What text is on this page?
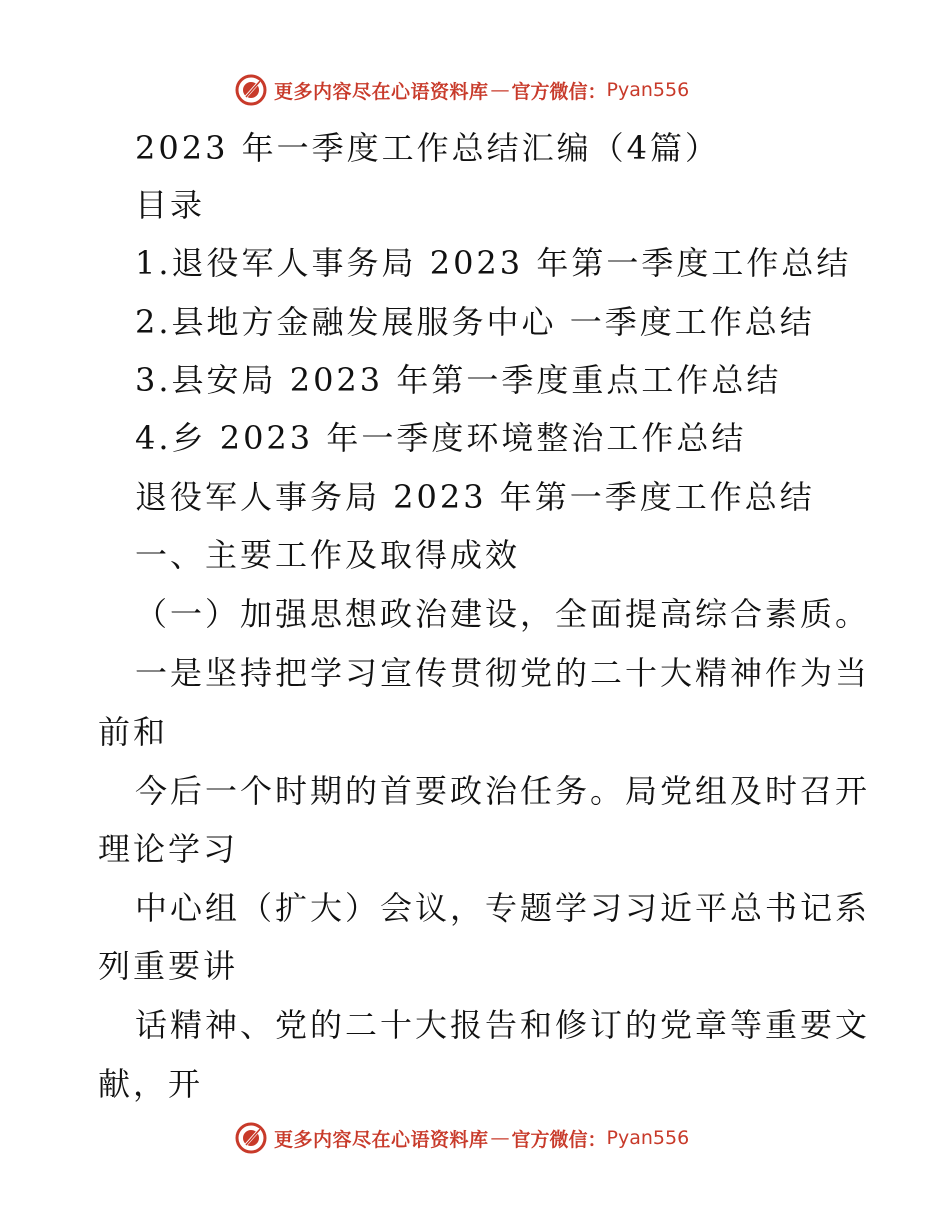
更多内容尽在心语资料库 — 官方微信： Pyan556
2023 年一季度工作总结汇编（4篇）
目录
1.退役军人事务局 2023 年第一季度工作总结
2.县地方金融发展服务中心 一季度工作总结
3.县安局 2023 年第一季度重点工作总结
4.乡 2023 年一季度环境整治工作总结
退役军人事务局 2023 年第一季度工作总结
一、主要工作及取得成效
（一）加强思想政治建设，全面提高综合素质。
一是坚持把学习宣传贯彻党的二十大精神作为当
前和
今后一个时期的首要政治任务。局党组及时召开
理论学习
中心组（扩大）会议，专题学习习近平总书记系
列重要讲
话精神、党的二十大报告和修订的党章等重要文
献，开
更多内容尽在心语资料库 — 官方微信： Pyan556
